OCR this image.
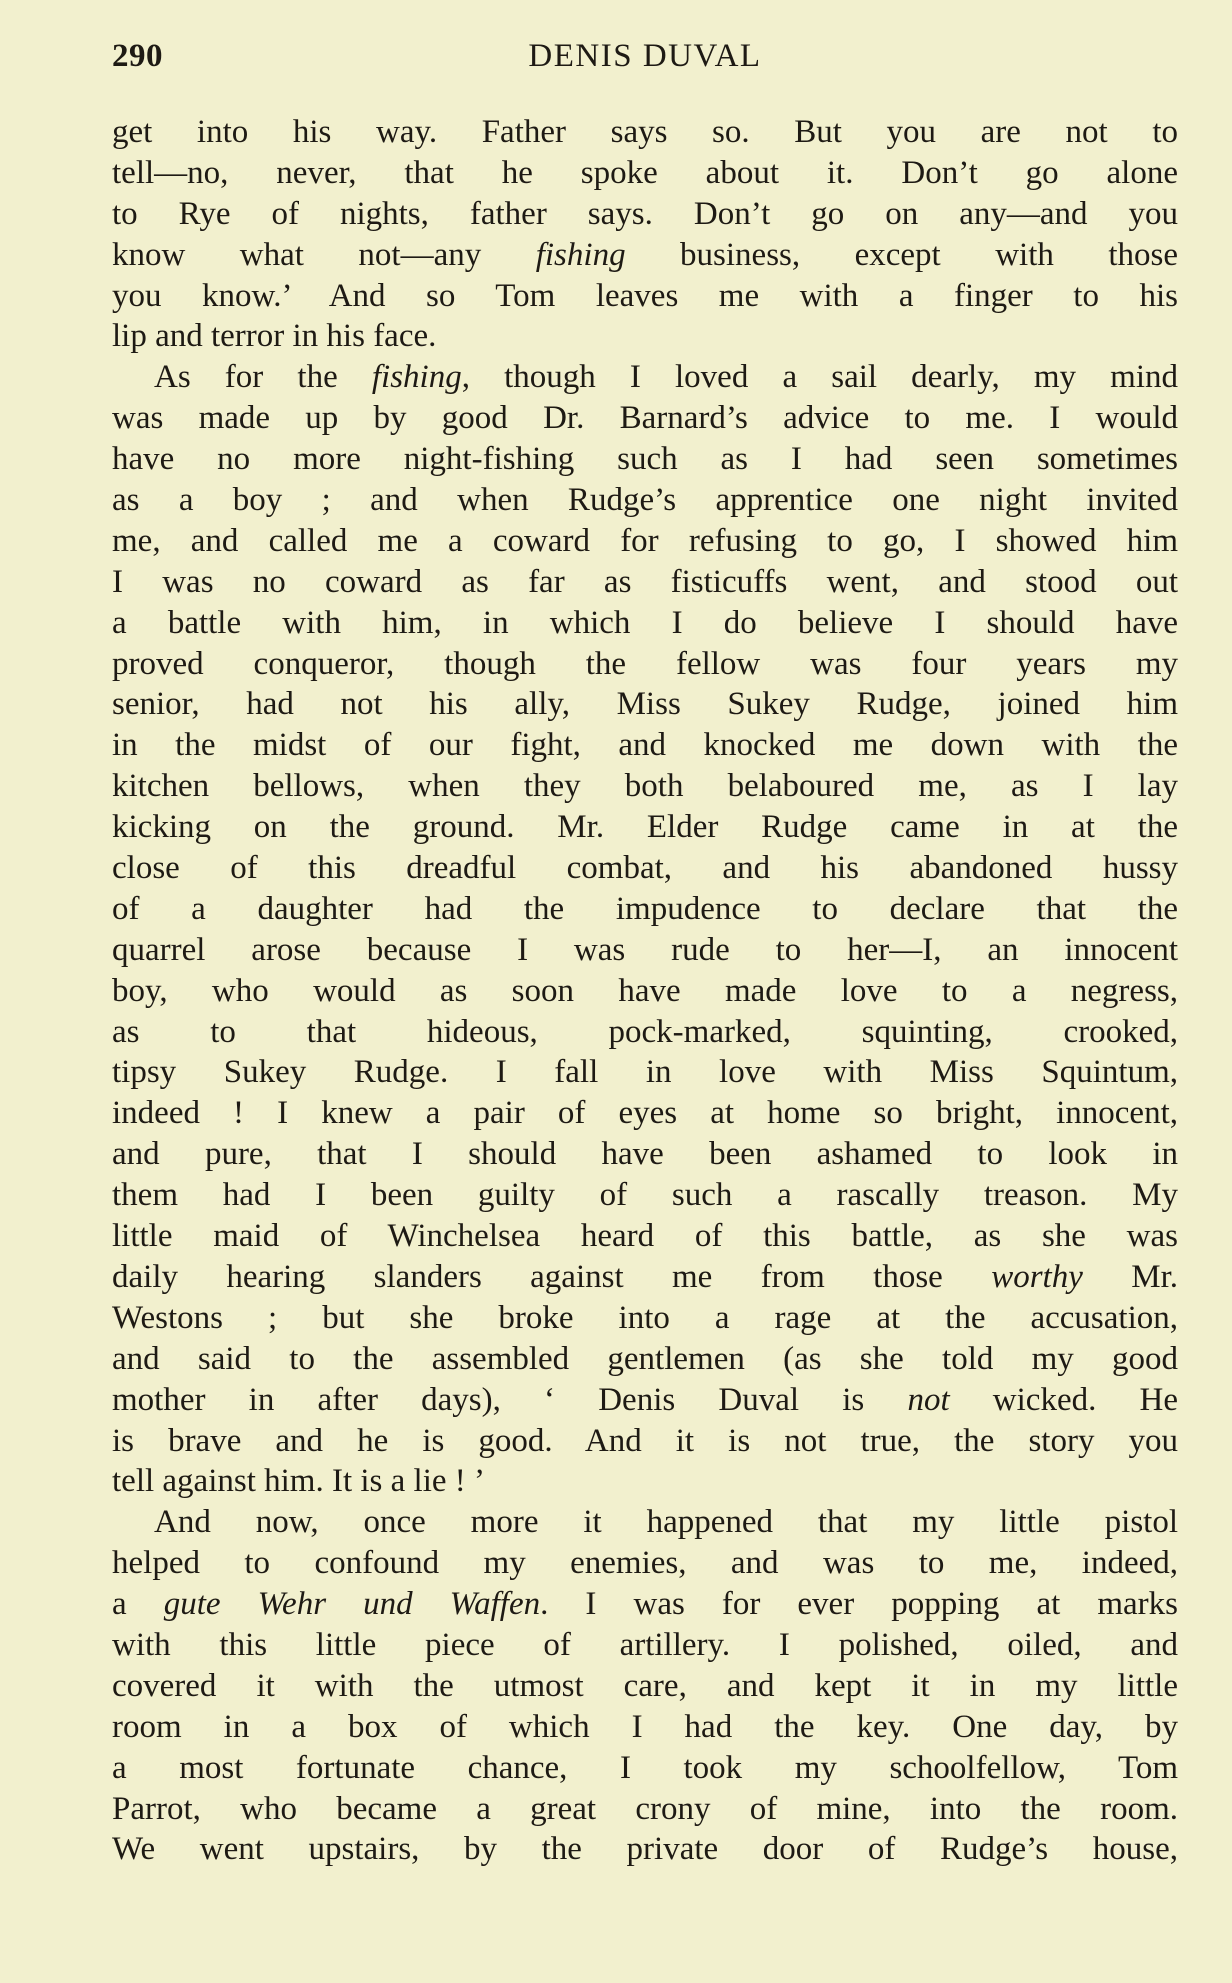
290	DENIS DUVAL
get into his way. Father says so. But you are not to
tell—no, never, that he spoke about it. Don’t go alone
to Rye of nights, father says. Don’t go on any—and you
know what not—any fishing business, except with those
you know.’ And so Tom leaves me with a finger to his
lip and terror in his face.
As for the fishing, though I loved a sail dearly, my mind
was made up by good Dr. Barnard’s advice to me. I would
have no more night-fishing such as I had seen sometimes
as a boy ; and when Rudge’s apprentice one night invited
me, and called me a coward for refusing to go, I showed him
I was no coward as far as fisticuffs went, and stood out
a battle with him, in which I do believe I should have
proved conqueror, though the fellow was four years my
senior, had not his ally, Miss Sukey Rudge, joined him
in the midst of our fight, and knocked me down with the
kitchen bellows, when they both belaboured me, as I lay
kicking on the ground. Mr. Elder Rudge came in at the
close of this dreadful combat, and his abandoned hussy
of a daughter had the impudence to declare that the
quarrel arose because I was rude to her—I, an innocent
boy, who would as soon have made love to a negress,
as to that hideous, pock-marked, squinting, crooked,
tipsy Sukey Rudge. I fall in love with Miss Squintum,
indeed ! I knew a pair of eyes at home so bright, innocent,
and pure, that I should have been ashamed to look in
them had I been guilty of such a rascally treason. My
little maid of Winchelsea heard of this battle, as she was
daily hearing slanders against me from those worthy Mr.
Westons ; but she broke into a rage at the accusation,
and said to the assembled gentlemen (as she told my good
mother in after days), ‘ Denis Duval is not wicked. He
is brave and he is good. And it is not true, the story you
tell against him. It is a lie ! ’
And now, once more it happened that my little pistol
helped to confound my enemies, and was to me, indeed,
a gute Wehr und Waffen. I was for ever popping at marks
with this little piece of artillery. I polished, oiled, and
covered it with the utmost care, and kept it in my little
room in a box of which I had the key. One day, by
a most fortunate chance, I took my schoolfellow, Tom
Parrot, who became a great crony of mine, into the room.
We went upstairs, by the private door of Rudge’s house,
